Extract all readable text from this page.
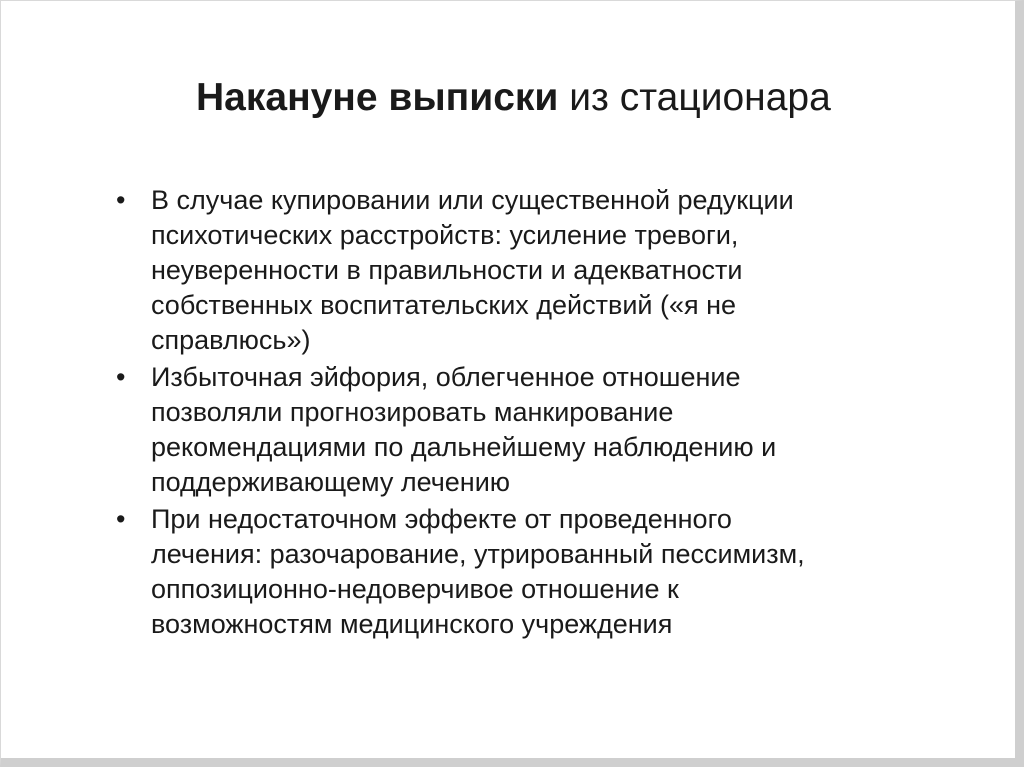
Накануне выписки из стационара
• В случае купировании или существенной редукции
психотических расстройств: усиление тревоги,
неуверенности в правильности и адекватности
собственных воспитательских действий («я не
справлюсь»)
• Избыточная эйфория, облегченное отношение
позволяли прогнозировать манкирование
рекомендациями по дальнейшему наблюдению и
поддерживающему лечению
• При недостаточном эффекте от проведенного
лечения: разочарование, утрированный пессимизм,
оппозиционно-недоверчивое отношение к
возможностям медицинского учреждения
